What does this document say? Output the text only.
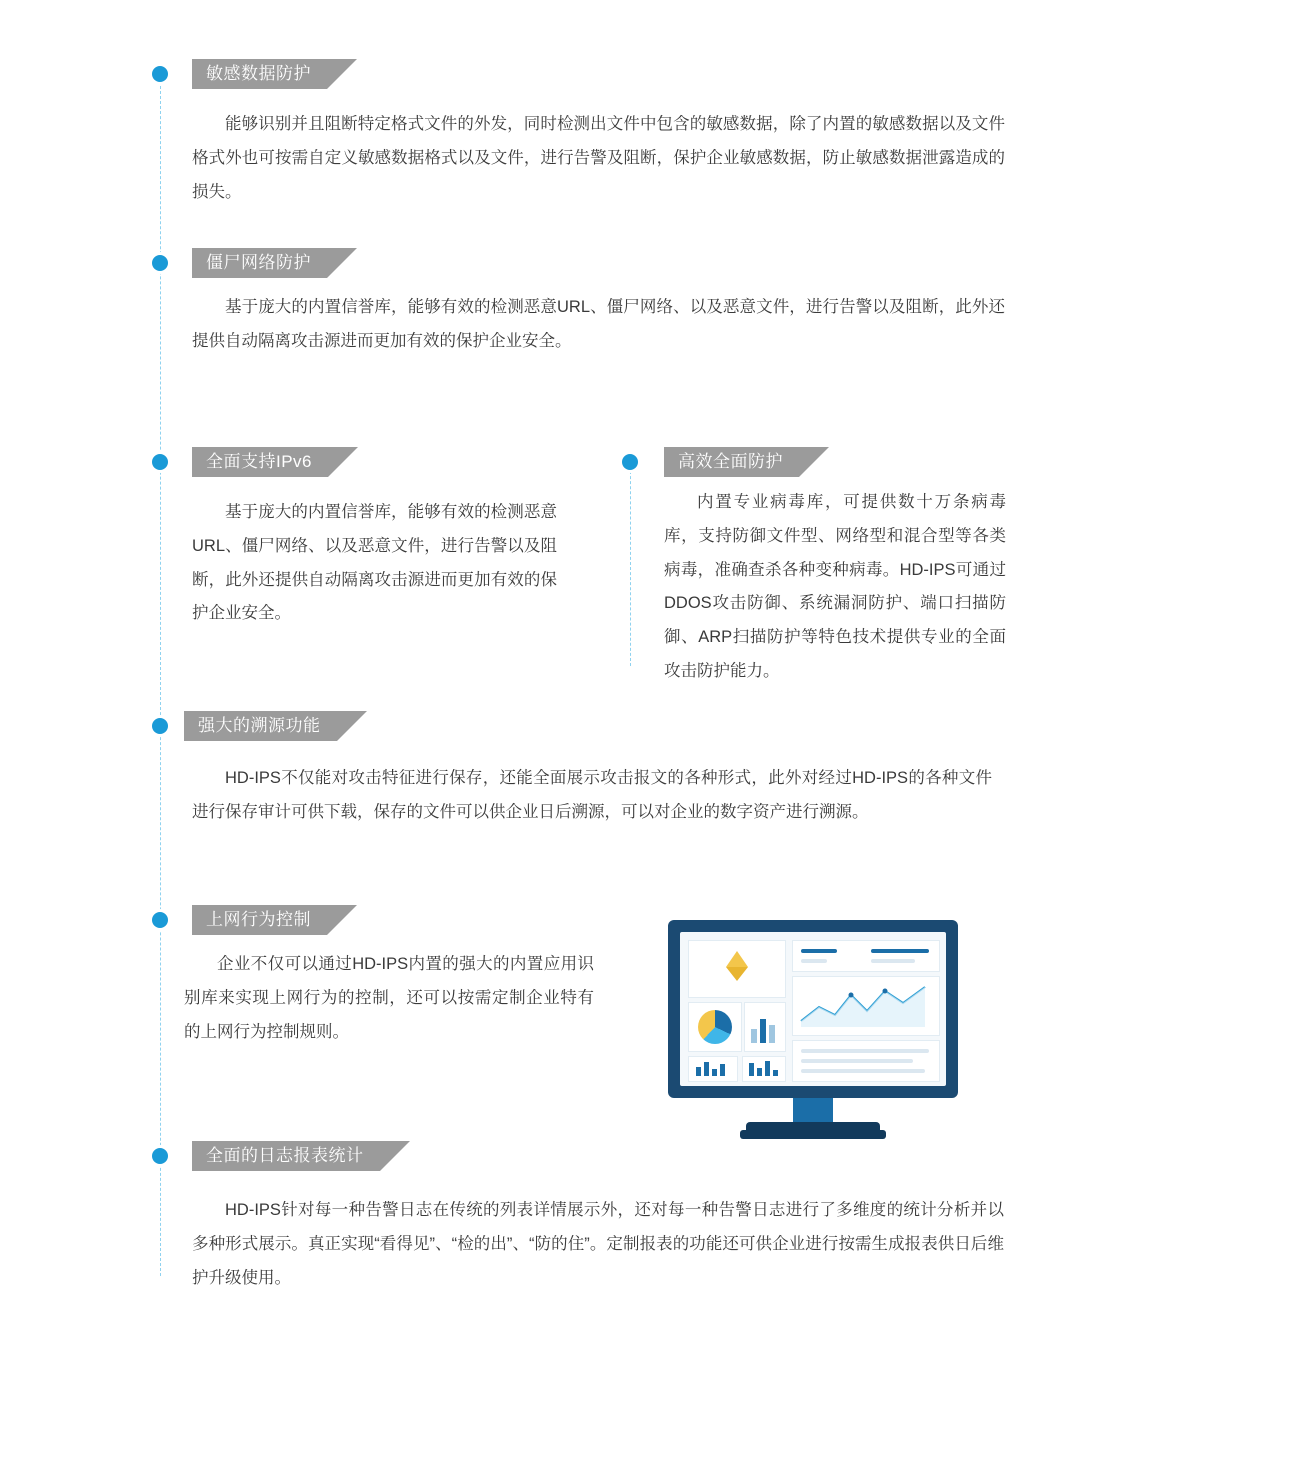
敏感数据防护
能够识别并且阻断特定格式文件的外发，同时检测出文件中包含的敏感数据，除了内置的敏感数据以及文件格式外也可按需自定义敏感数据格式以及文件，进行告警及阻断，保护企业敏感数据，防止敏感数据泄露造成的损失。
僵尸网络防护
基于庞大的内置信誉库，能够有效的检测恶意URL、僵尸网络、以及恶意文件，进行告警以及阻断，此外还提供自动隔离攻击源进而更加有效的保护企业安全。
全面支持IPv6
基于庞大的内置信誉库，能够有效的检测恶意URL、僵尸网络、以及恶意文件，进行告警以及阻断，此外还提供自动隔离攻击源进而更加有效的保护企业安全。
高效全面防护
内置专业病毒库，可提供数十万条病毒库，支持防御文件型、网络型和混合型等各类病毒，准确查杀各种变种病毒。HD-IPS可通过DDOS攻击防御、系统漏洞防护、端口扫描防御、ARP扫描防护等特色技术提供专业的全面攻击防护能力。
强大的溯源功能
HD-IPS不仅能对攻击特征进行保存，还能全面展示攻击报文的各种形式，此外对经过HD-IPS的各种文件进行保存审计可供下载，保存的文件可以供企业日后溯源，可以对企业的数字资产进行溯源。
上网行为控制
企业不仅可以通过HD-IPS内置的强大的内置应用识别库来实现上网行为的控制，还可以按需定制企业特有的上网行为控制规则。
全面的日志报表统计
HD-IPS针对每一种告警日志在传统的列表详情展示外，还对每一种告警日志进行了多维度的统计分析并以多种形式展示。真正实现“看得见”、“检的出”、“防的住”。定制报表的功能还可供企业进行按需生成报表供日后维护升级使用。
